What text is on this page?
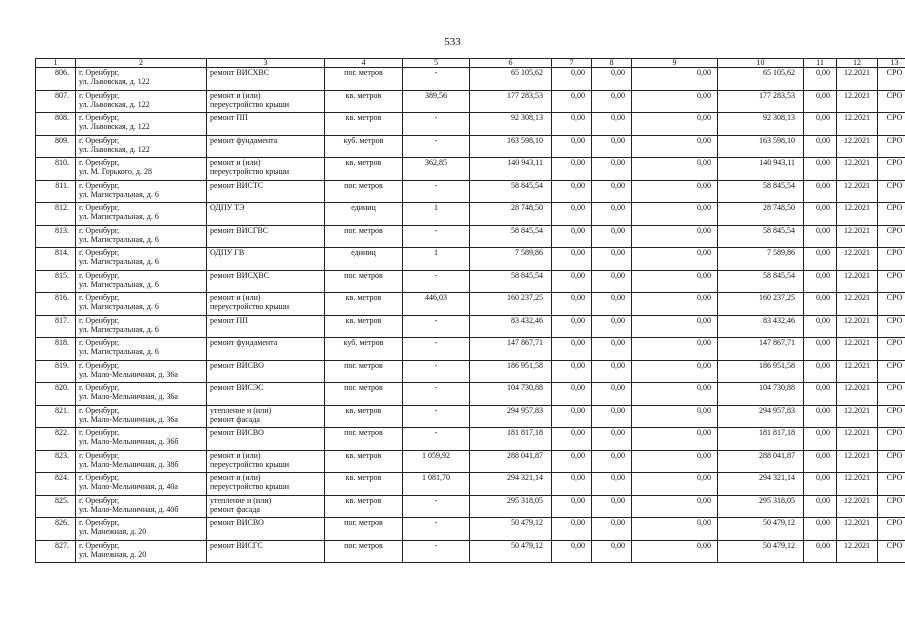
533
1	2	3	4	5	6	7	8	9	10	11	12	13
806.	г. Оренбург,
ул. Львовская, д. 122	ремонт ВИСХВС	пог. метров	-	65 105,62	0,00	0,00	0,00	65 105,62	0,00	12.2021	СРО
807.	г. Оренбург,
ул. Львовская, д. 122	ремонт и (или)
переустройство крыши	кв. метров	389,56	177 283,53	0,00	0,00	0,00	177 283,53	0,00	12.2021	СРО
808.	г. Оренбург,
ул. Львовская, д. 122	ремонт ПП	кв. метров	-	92 308,13	0,00	0,00	0,00	92 308,13	0,00	12.2021	СРО
809.	г. Оренбург,
ул. Львовская, д. 122	ремонт фундамента	куб. метров	-	163 598,10	0,00	0,00	0,00	163 598,10	0,00	12.2021	СРО
810.	г. Оренбург,
ул. М. Горького, д. 28	ремонт и (или)
переустройство крыши	кв. метров	362,85	140 943,11	0,00	0,00	0,00	140 943,11	0,00	12.2021	СРО
811.	г. Оренбург,
ул. Магистральная, д. 6	ремонт ВИСТС	пог. метров	-	58 845,54	0,00	0,00	0,00	58 845,54	0,00	12.2021	СРО
812.	г. Оренбург,
ул. Магистральная, д. 6	ОДПУ ТЭ	единиц	1	28 748,50	0,00	0,00	0,00	28 748,50	0,00	12.2021	СРО
813.	г. Оренбург,
ул. Магистральная, д. 6	ремонт ВИСГВС	пог. метров	-	58 845,54	0,00	0,00	0,00	58 845,54	0,00	12.2021	СРО
814.	г. Оренбург,
ул. Магистральная, д. 6	ОДПУ ГВ	единиц	1	7 589,86	0,00	0,00	0,00	7 589,86	0,00	12.2021	СРО
815.	г. Оренбург,
ул. Магистральная, д. 6	ремонт ВИСХВС	пог. метров	-	58 845,54	0,00	0,00	0,00	58 845,54	0,00	12.2021	СРО
816.	г. Оренбург,
ул. Магистральная, д. 6	ремонт и (или)
переустройство крыши	кв. метров	446,03	160 237,25	0,00	0,00	0,00	160 237,25	0,00	12.2021	СРО
817.	г. Оренбург,
ул. Магистральная, д. 6	ремонт ПП	кв. метров	-	83 432,46	0,00	0,00	0,00	83 432,46	0,00	12.2021	СРО
818.	г. Оренбург,
ул. Магистральная, д. 6	ремонт фундамента	куб. метров	-	147 867,71	0,00	0,00	0,00	147 867,71	0,00	12.2021	СРО
819.	г. Оренбург,
ул. Мало-Мельничная, д. 36а	ремонт ВИСВО	пог. метров	-	186 951,58	0,00	0,00	0,00	186 951,58	0,00	12.2021	СРО
820.	г. Оренбург,
ул. Мало-Мельничная, д. 36а	ремонт ВИСЭС	пог. метров	-	104 730,88	0,00	0,00	0,00	104 730,88	0,00	12.2021	СРО
821.	г. Оренбург,
ул. Мало-Мельничная, д. 36а	утепление и (или)
ремонт фасада	кв. метров	-	294 957,83	0,00	0,00	0,00	294 957,83	0,00	12.2021	СРО
822.	г. Оренбург,
ул. Мало-Мельничная, д. 36б	ремонт ВИСВО	пог. метров	-	181 817,18	0,00	0,00	0,00	181 817,18	0,00	12.2021	СРО
823.	г. Оренбург,
ул. Мало-Мельничная, д. 38б	ремонт и (или)
переустройство крыши	кв. метров	1 059,92	288 041,87	0,00	0,00	0,00	288 041,87	0,00	12.2021	СРО
824.	г. Оренбург,
ул. Мало-Мельничная, д. 40а	ремонт и (или)
переустройство крыши	кв. метров	1 081,70	294 321,14	0,00	0,00	0,00	294 321,14	0,00	12.2021	СРО
825.	г. Оренбург,
ул. Мало-Мельничная, д. 40б	утепление и (или)
ремонт фасада	кв. метров	-	295 318,05	0,00	0,00	0,00	295 318,05	0,00	12.2021	СРО
826.	г. Оренбург,
ул. Манежная, д. 20	ремонт ВИСВО	пог. метров	-	50 479,12	0,00	0,00	0,00	50 479,12	0,00	12.2021	СРО
827.	г. Оренбург,
ул. Манежная, д. 20	ремонт ВИСГС	пог. метров	-	50 479,12	0,00	0,00	0,00	50 479,12	0,00	12.2021	СРО
